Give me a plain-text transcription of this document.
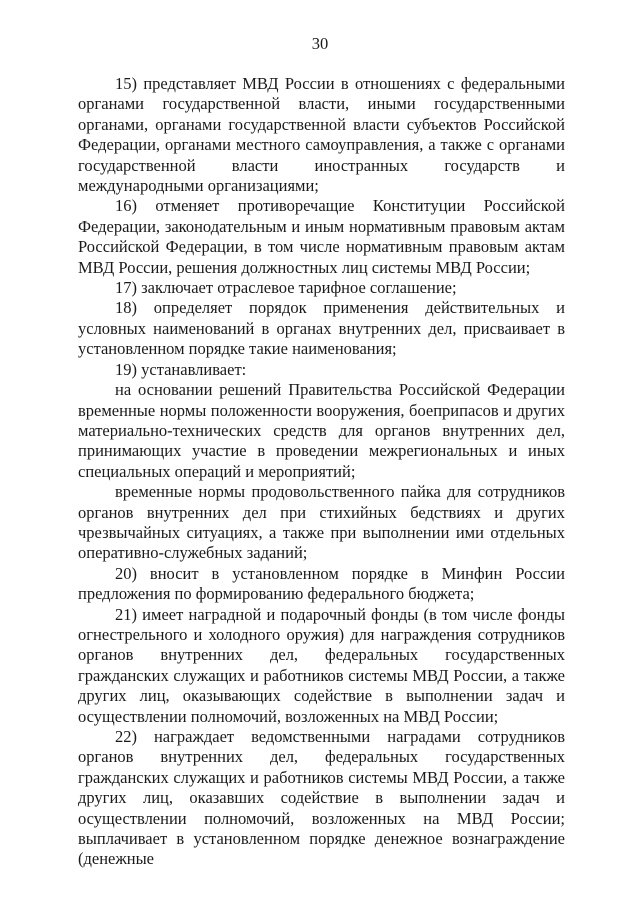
30

15) представляет МВД России в отношениях с федеральными органами государственной власти, иными государственными органами, органами государственной власти субъектов Российской Федерации, органами местного самоуправления, а также с органами государственной власти иностранных государств и международными организациями;

16) отменяет противоречащие Конституции Российской Федерации, законодательным и иным нормативным правовым актам Российской Федерации, в том числе нормативным правовым актам МВД России, решения должностных лиц системы МВД России;

17) заключает отраслевое тарифное соглашение;

18) определяет порядок применения действительных и условных наименований в органах внутренних дел, присваивает в установленном порядке такие наименования;

19) устанавливает:

на основании решений Правительства Российской Федерации временные нормы положенности вооружения, боеприпасов и других материально-технических средств для органов внутренних дел, принимающих участие в проведении межрегиональных и иных специальных операций и мероприятий;

временные нормы продовольственного пайка для сотрудников органов внутренних дел при стихийных бедствиях и других чрезвычайных ситуациях, а также при выполнении ими отдельных оперативно-служебных заданий;

20) вносит в установленном порядке в Минфин России предложения по формированию федерального бюджета;

21) имеет наградной и подарочный фонды (в том числе фонды огнестрельного и холодного оружия) для награждения сотрудников органов внутренних дел, федеральных государственных гражданских служащих и работников системы МВД России, а также других лиц, оказывающих содействие в выполнении задач и осуществлении полномочий, возложенных на МВД России;

22) награждает ведомственными наградами сотрудников органов внутренних дел, федеральных государственных гражданских служащих и работников системы МВД России, а также других лиц, оказавших содействие в выполнении задач и осуществлении полномочий, возложенных на МВД России; выплачивает в установленном порядке денежное вознаграждение (денежные
